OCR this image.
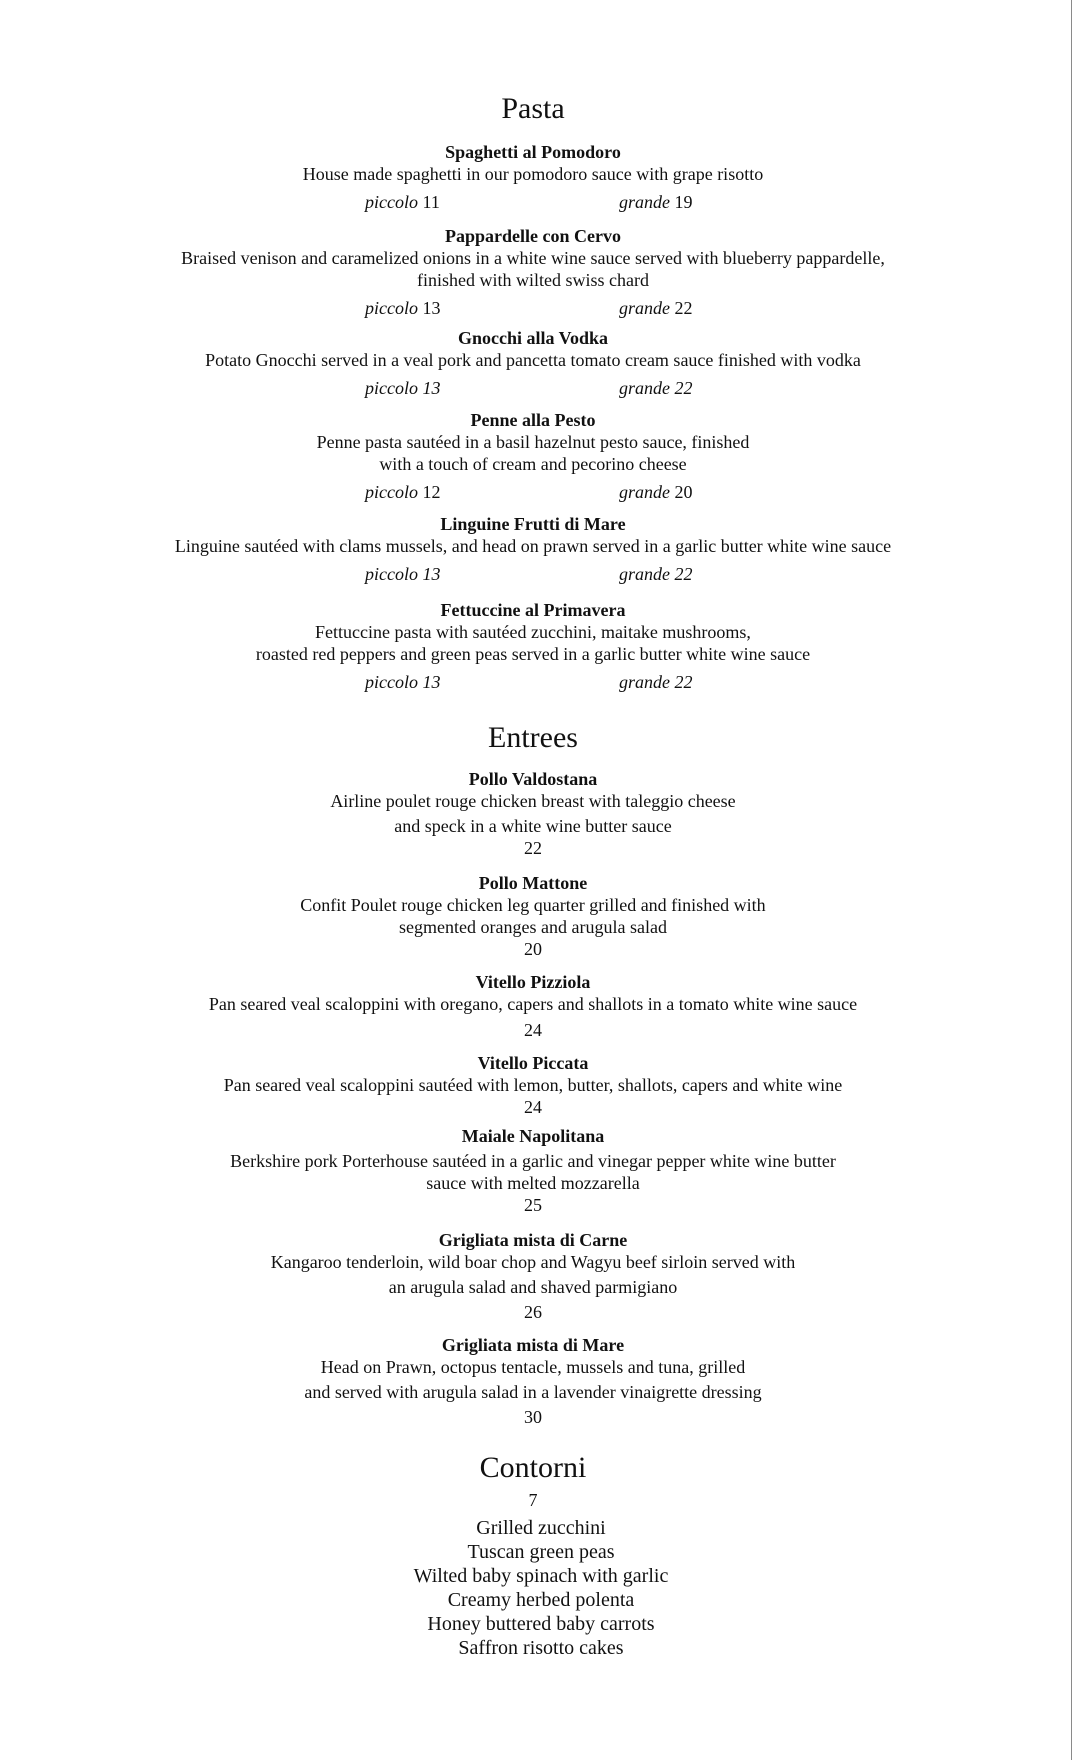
Pasta
Spaghetti al Pomodoro
House made spaghetti in our pomodoro sauce with grape risotto
piccolo 11	grande 19
Pappardelle con Cervo
Braised venison and caramelized onions in a white wine sauce served with blueberry pappardelle,
finished with wilted swiss chard
piccolo 13	grande 22
Gnocchi alla Vodka
Potato Gnocchi served in a veal pork and pancetta tomato cream sauce finished with vodka
piccolo 13	grande 22
Penne alla Pesto
Penne pasta sautéed in a basil hazelnut pesto sauce, finished
with a touch of cream and pecorino cheese
piccolo 12	grande 20
Linguine Frutti di Mare
Linguine sautéed with clams mussels, and head on prawn served in a garlic butter white wine sauce
piccolo 13	grande 22
Fettuccine al Primavera
Fettuccine pasta with sautéed zucchini, maitake mushrooms,
roasted red peppers and green peas served in a garlic butter white wine sauce
piccolo 13	grande 22
Entrees
Pollo Valdostana
Airline poulet rouge chicken breast with taleggio cheese
and speck in a white wine butter sauce
22
Pollo Mattone
Confit Poulet rouge chicken leg quarter grilled and finished with
segmented oranges and arugula salad
20
Vitello Pizziola
Pan seared veal scaloppini with oregano, capers and shallots in a tomato white wine sauce
24
Vitello Piccata
Pan seared veal scaloppini sautéed with lemon, butter, shallots, capers and white wine
24
Maiale Napolitana
Berkshire pork Porterhouse sautéed in a garlic and vinegar pepper white wine butter
sauce with melted mozzarella
25
Grigliata mista di Carne
Kangaroo tenderloin, wild boar chop and Wagyu beef sirloin served with
an arugula salad and shaved parmigiano
26
Grigliata mista di Mare
Head on Prawn, octopus tentacle, mussels and tuna, grilled
and served with arugula salad in a lavender vinaigrette dressing
30
Contorni
7
Grilled zucchini
Tuscan green peas
Wilted baby spinach with garlic
Creamy herbed polenta
Honey buttered baby carrots
Saffron risotto cakes
